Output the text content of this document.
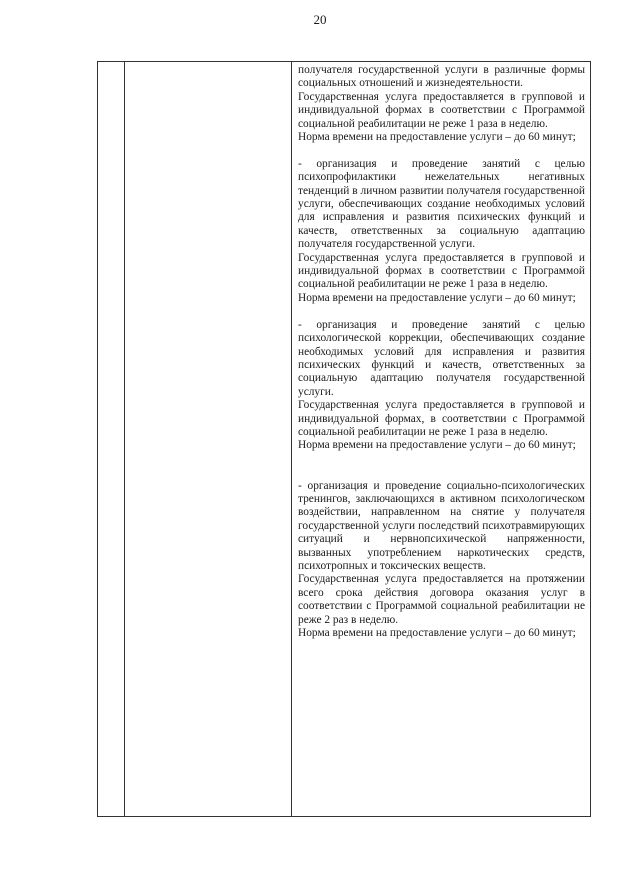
20

получателя государственной услуги в различные формы социальных отношений и жизнедеятельности.

Государственная услуга предоставляется в групповой и индивидуальной формах в соответствии с Программой социальной реабилитации не реже 1 раза в неделю.

Норма времени на предоставление услуги – до 60 минут;

- организация и проведение занятий с целью психопрофилактики нежелательных негативных тенденций в личном развитии получателя государственной услуги, обеспечивающих создание необходимых условий для исправления и развития психических функций и качеств, ответственных за социальную адаптацию получателя государственной услуги.

Государственная услуга предоставляется в групповой и индивидуальной формах в соответствии с Программой социальной реабилитации не реже 1 раза в неделю.

Норма времени на предоставление услуги – до 60 минут;

- организация и проведение занятий с целью психологической коррекции, обеспечивающих создание необходимых условий для исправления и развития психических функций и качеств, ответственных за социальную адаптацию получателя государственной услуги.

Государственная услуга предоставляется в групповой и индивидуальной формах, в соответствии с Программой социальной реабилитации не реже 1 раза в неделю.

Норма времени на предоставление услуги – до 60 минут;

- организация и проведение социально-психологических тренингов, заключающихся в активном психологическом воздействии, направленном на снятие у получателя государственной услуги последствий психотравмирующих ситуаций и нервнопсихической напряженности, вызванных употреблением наркотических средств, психотропных и токсических веществ.

Государственная услуга предоставляется на протяжении всего срока действия договора оказания услуг в соответствии с Программой социальной реабилитации не реже 2 раз в неделю.

Норма времени на предоставление услуги – до 60 минут;
